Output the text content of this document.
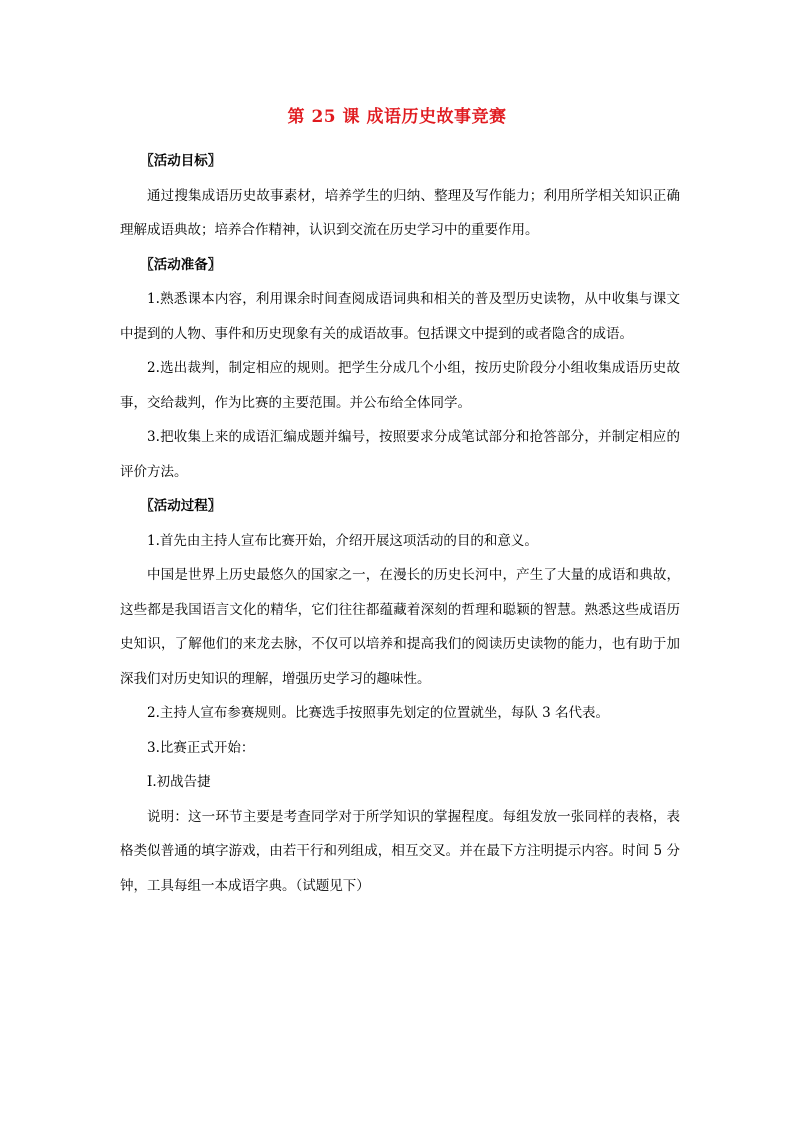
第 25 课 成语历史故事竞赛

〖活动目标〗

通过搜集成语历史故事素材，培养学生的归纳、整理及写作能力；利用所学相关知识正确理解成语典故；培养合作精神，认识到交流在历史学习中的重要作用。

〖活动准备〗

1.熟悉课本内容，利用课余时间查阅成语词典和相关的普及型历史读物，从中收集与课文中提到的人物、事件和历史现象有关的成语故事。包括课文中提到的或者隐含的成语。

2.选出裁判，制定相应的规则。把学生分成几个小组，按历史阶段分小组收集成语历史故事，交给裁判，作为比赛的主要范围。并公布给全体同学。

3.把收集上来的成语汇编成题并编号，按照要求分成笔试部分和抢答部分，并制定相应的评价方法。

〖活动过程〗

1.首先由主持人宣布比赛开始，介绍开展这项活动的目的和意义。

中国是世界上历史最悠久的国家之一，在漫长的历史长河中，产生了大量的成语和典故，这些都是我国语言文化的精华，它们往往都蕴藏着深刻的哲理和聪颖的智慧。熟悉这些成语历史知识，了解他们的来龙去脉，不仅可以培养和提高我们的阅读历史读物的能力，也有助于加深我们对历史知识的理解，增强历史学习的趣味性。

2.主持人宣布参赛规则。比赛选手按照事先划定的位置就坐，每队 3 名代表。

3.比赛正式开始：

Ⅰ.初战告捷

说明：这一环节主要是考查同学对于所学知识的掌握程度。每组发放一张同样的表格，表格类似普通的填字游戏，由若干行和列组成，相互交叉。并在最下方注明提示内容。时间 5 分钟，工具每组一本成语字典。（试题见下）
